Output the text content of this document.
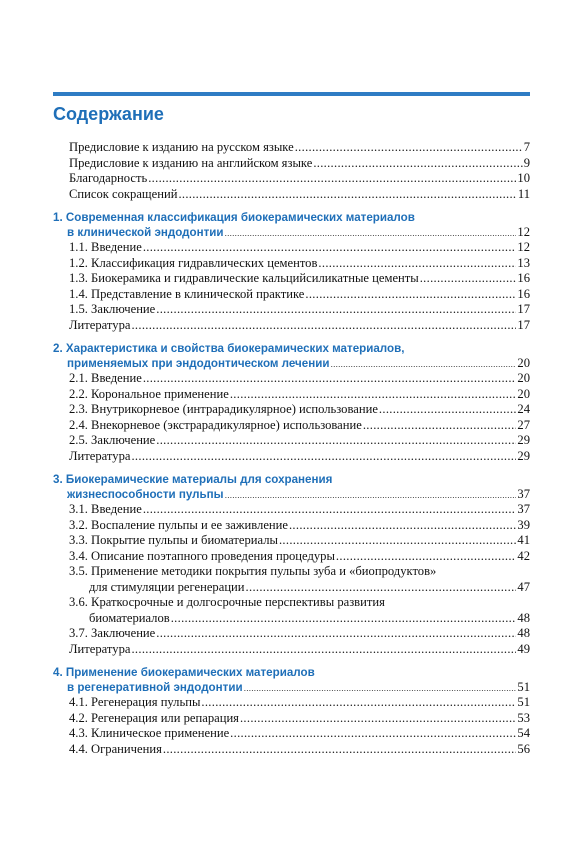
Содержание
Предисловие к изданию на русском языке .....	7
Предисловие к изданию на английском языке .....	9
Благодарность .....	10
Список сокращений .....	11
1. Современная классификация биокерамических материалов
в клинической эндодонтии .....	12
1.1. Введение .....	12
1.2. Классификация гидравлических цементов .....	13
1.3. Биокерамика и гидравлические кальцийсиликатные цементы .....	16
1.4. Представление в клинической практике .....	16
1.5. Заключение .....	17
Литература .....	17
2. Характеристика и свойства биокерамических материалов,
применяемых при эндодонтическом лечении .....	20
2.1. Введение .....	20
2.2. Корональное применение .....	20
2.3. Внутрикорневое (интрарадикулярное) использование .....	24
2.4. Внекорневое (экстрарадикулярное) использование .....	27
2.5. Заключение .....	29
Литература .....	29
3. Биокерамические материалы для сохранения
жизнеспособности пульпы .....	37
3.1. Введение .....	37
3.2. Воспаление пульпы и ее заживление .....	39
3.3. Покрытие пульпы и биоматериалы .....	41
3.4. Описание поэтапного проведения процедуры .....	42
3.5. Применение методики покрытия пульпы зуба и «биопродуктов»
для стимуляции регенерации .....	47
3.6. Краткосрочные и долгосрочные перспективы развития
биоматериалов .....	48
3.7. Заключение .....	48
Литература .....	49
4. Применение биокерамических материалов
в регенеративной эндодонтии .....	51
4.1. Регенерация пульпы .....	51
4.2. Регенерация или репарация .....	53
4.3. Клиническое применение .....	54
4.4. Ограничения .....	56
